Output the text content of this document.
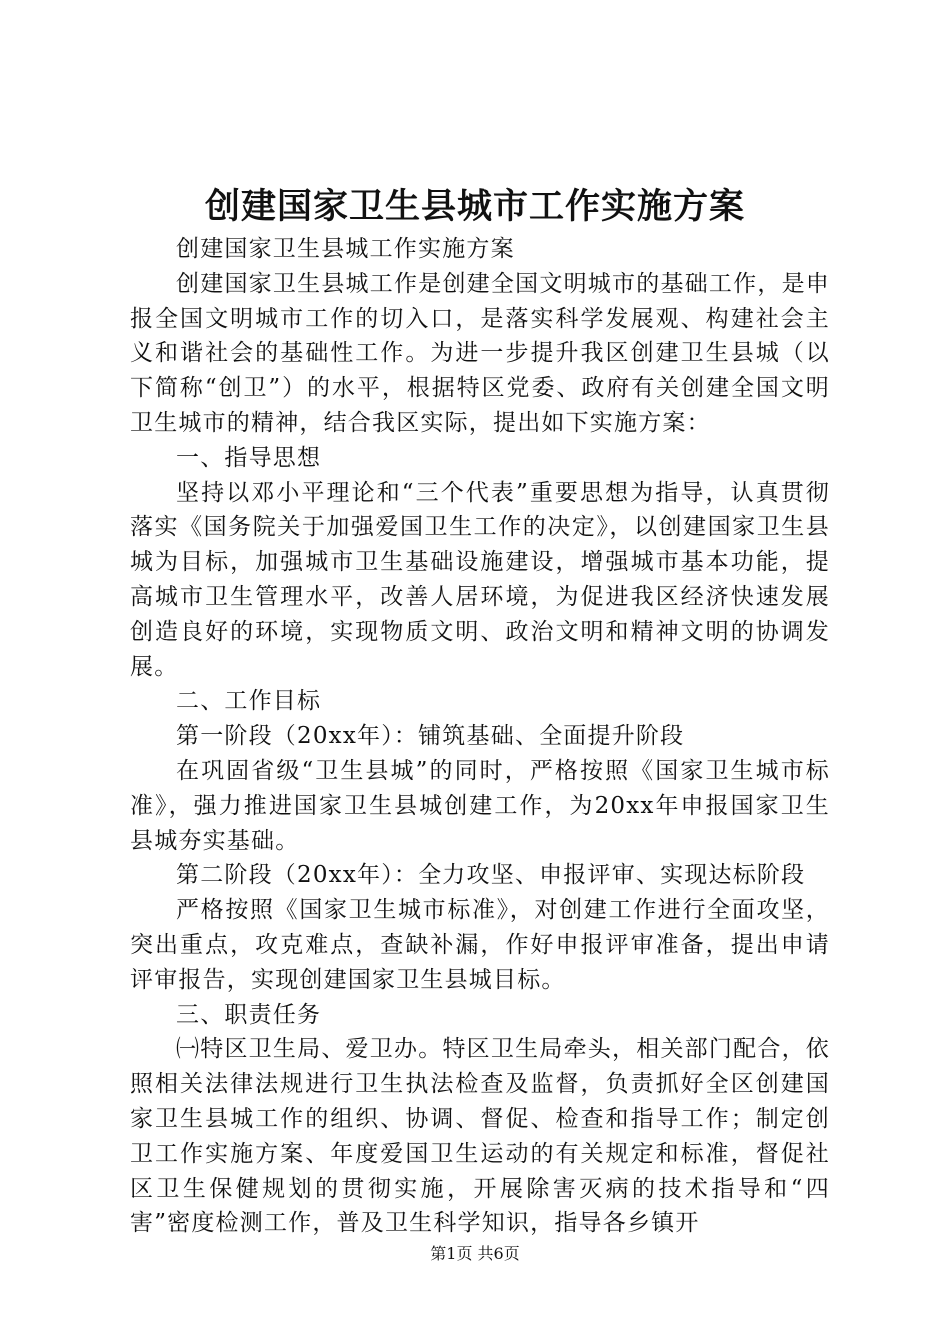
创建国家卫生县城市工作实施方案

创建国家卫生县城工作实施方案

创建国家卫生县城工作是创建全国文明城市的基础工作，是申报全国文明城市工作的切入口，是落实科学发展观、构建社会主义和谐社会的基础性工作。为进一步提升我区创建卫生县城（以下简称“创卫”）的水平，根据特区党委、政府有关创建全国文明卫生城市的精神，结合我区实际，提出如下实施方案：

一、指导思想

坚持以邓小平理论和“三个代表”重要思想为指导，认真贯彻落实《国务院关于加强爱国卫生工作的决定》，以创建国家卫生县城为目标，加强城市卫生基础设施建设，增强城市基本功能，提高城市卫生管理水平，改善人居环境，为促进我区经济快速发展创造良好的环境，实现物质文明、政治文明和精神文明的协调发展。

二、工作目标

第一阶段（20xx年）：铺筑基础、全面提升阶段

在巩固省级“卫生县城”的同时，严格按照《国家卫生城市标准》，强力推进国家卫生县城创建工作，为20xx年申报国家卫生县城夯实基础。

第二阶段（20xx年）：全力攻坚、申报评审、实现达标阶段

严格按照《国家卫生城市标准》，对创建工作进行全面攻坚，突出重点，攻克难点，查缺补漏，作好申报评审准备，提出申请评审报告，实现创建国家卫生县城目标。

三、职责任务

㈠特区卫生局、爱卫办。特区卫生局牵头，相关部门配合，依照相关法律法规进行卫生执法检查及监督，负责抓好全区创建国家卫生县城工作的组织、协调、督促、检查和指导工作；制定创卫工作实施方案、年度爱国卫生运动的有关规定和标准，督促社区卫生保健规划的贯彻实施，开展除害灭病的技术指导和“四害”密度检测工作，普及卫生科学知识，指导各乡镇开

第1页 共6页
